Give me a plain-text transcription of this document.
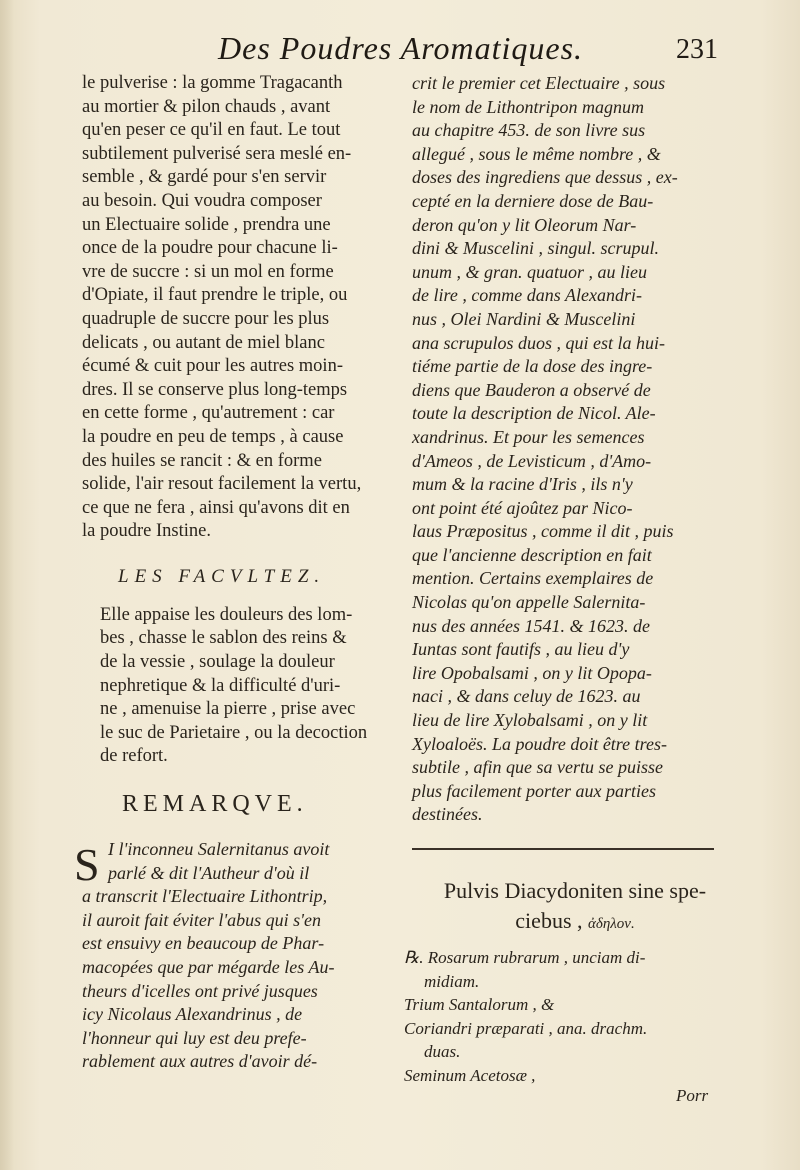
Des Poudres Aromatiques.	231
le pulverise : la gomme Tragacanth
au mortier & pilon chauds , avant
qu'en peser ce qu'il en faut. Le tout
subtilement pulverisé sera meslé en-
semble , & gardé pour s'en servir
au besoin. Qui voudra composer
un Electuaire solide , prendra une
once de la poudre pour chacune li-
vre de succre : si un mol en forme
d'Opiate, il faut prendre le triple, ou
quadruple de succre pour les plus
delicats , ou autant de miel blanc
écumé & cuit pour les autres moin-
dres. Il se conserve plus long-temps
en cette forme , qu'autrement : car
la poudre en peu de temps , à cause
des huiles se rancit : & en forme
solide, l'air resout facilement la vertu,
ce que ne fera , ainsi qu'avons dit en
la poudre Instine.
LES FACVLTEZ.
Elle appaise les douleurs des lom-
bes , chasse le sablon des reins &
de la vessie , soulage la douleur
nephretique & la difficulté d'uri-
ne , amenuise la pierre , prise avec
le suc de Parietaire , ou la decoction
de refort.
REMARQVE.
S I l'inconneu Salernitanus avoit
parlé & dit l'Autheur d'où il
a transcrit l'Electuaire Lithontrip,
il auroit fait éviter l'abus qui s'en
est ensuivy en beaucoup de Phar-
macopées que par mégarde les Au-
theurs d'icelles ont privé jusques
icy Nicolaus Alexandrinus , de
l'honneur qui luy est deu prefe-
rablement aux autres d'avoir dé-
crit le premier cet Electuaire , sous
le nom de Lithontripon magnum
au chapitre 453. de son livre sus
allegué , sous le même nombre , &
doses des ingrediens que dessus , ex-
cepté en la derniere dose de Bau-
deron qu'on y lit Oleorum Nar-
dini & Muscelini , singul. scrupul.
unum , & gran. quatuor , au lieu
de lire , comme dans Alexandri-
nus , Olei Nardini & Muscelini
ana scrupulos duos , qui est la hui-
tiéme partie de la dose des ingre-
diens que Bauderon a observé de
toute la description de Nicol. Ale-
xandrinus. Et pour les semences
d'Ameos , de Levisticum , d'Amo-
mum & la racine d'Iris , ils n'y
ont point été ajoûtez par Nico-
laus Præpositus , comme il dit , puis
que l'ancienne description en fait
mention. Certains exemplaires de
Nicolas qu'on appelle Salernita-
nus des années 1541. & 1623. de
Iuntas sont fautifs , au lieu d'y
lire Opobalsami , on y lit Opopa-
naci , & dans celuy de 1623. au
lieu de lire Xylobalsami , on y lit
Xyloaloës. La poudre doit être tres-
subtile , afin que sa vertu se puisse
plus facilement porter aux parties
destinées.
Pulvis Diacydoniten sine spe-
ciebus , ἀδηλον.
℞. Rosarum rubrarum , unciam di-
midiam.
Trium Santalorum , &
Coriandri præparati , ana. drachm.
duas.
Seminum Acetosæ ,
Porr
